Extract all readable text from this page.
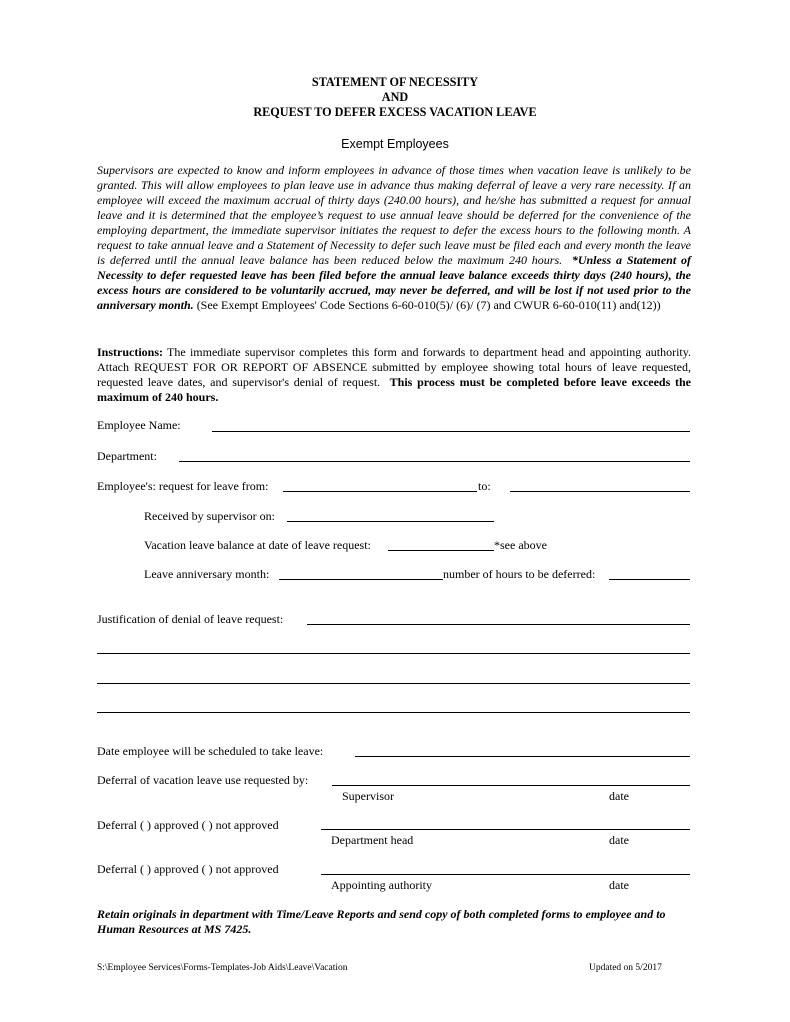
STATEMENT OF NECESSITY
AND
REQUEST TO DEFER EXCESS VACATION LEAVE
Exempt Employees
Supervisors are expected to know and inform employees in advance of those times when vacation leave is unlikely to be granted. This will allow employees to plan leave use in advance thus making deferral of leave a very rare necessity. If an employee will exceed the maximum accrual of thirty days (240.00 hours), and he/she has submitted a request for annual leave and it is determined that the employee’s request to use annual leave should be deferred for the convenience of the employing department, the immediate supervisor initiates the request to defer the excess hours to the following month. A request to take annual leave and a Statement of Necessity to defer such leave must be filed each and every month the leave is deferred until the annual leave balance has been reduced below the maximum 240 hours. *Unless a Statement of Necessity to defer requested leave has been filed before the annual leave balance exceeds thirty days (240 hours), the excess hours are considered to be voluntarily accrued, may never be deferred, and will be lost if not used prior to the anniversary month. (See Exempt Employees' Code Sections 6-60-010(5)/ (6)/ (7) and CWUR 6-60-010(11) and(12))
Instructions: The immediate supervisor completes this form and forwards to department head and appointing authority. Attach REQUEST FOR OR REPORT OF ABSENCE submitted by employee showing total hours of leave requested, requested leave dates, and supervisor's denial of request. This process must be completed before leave exceeds the maximum of 240 hours.
Employee Name:
Department:
Employee's: request for leave from:	to:
Received by supervisor on:
Vacation leave balance at date of leave request:	*see above
Leave anniversary month:	number of hours to be deferred:
Justification of denial of leave request:
Date employee will be scheduled to take leave:
Deferral of vacation leave use requested by:
Supervisor	date
Deferral ( ) approved ( ) not approved
Department head	date
Deferral ( ) approved ( ) not approved
Appointing authority	date
Retain originals in department with Time/Leave Reports and send copy of both completed forms to employee and to Human Resources at MS 7425.
S:\Employee Services\Forms-Templates-Job Aids\Leave\Vacation	Updated on 5/2017
